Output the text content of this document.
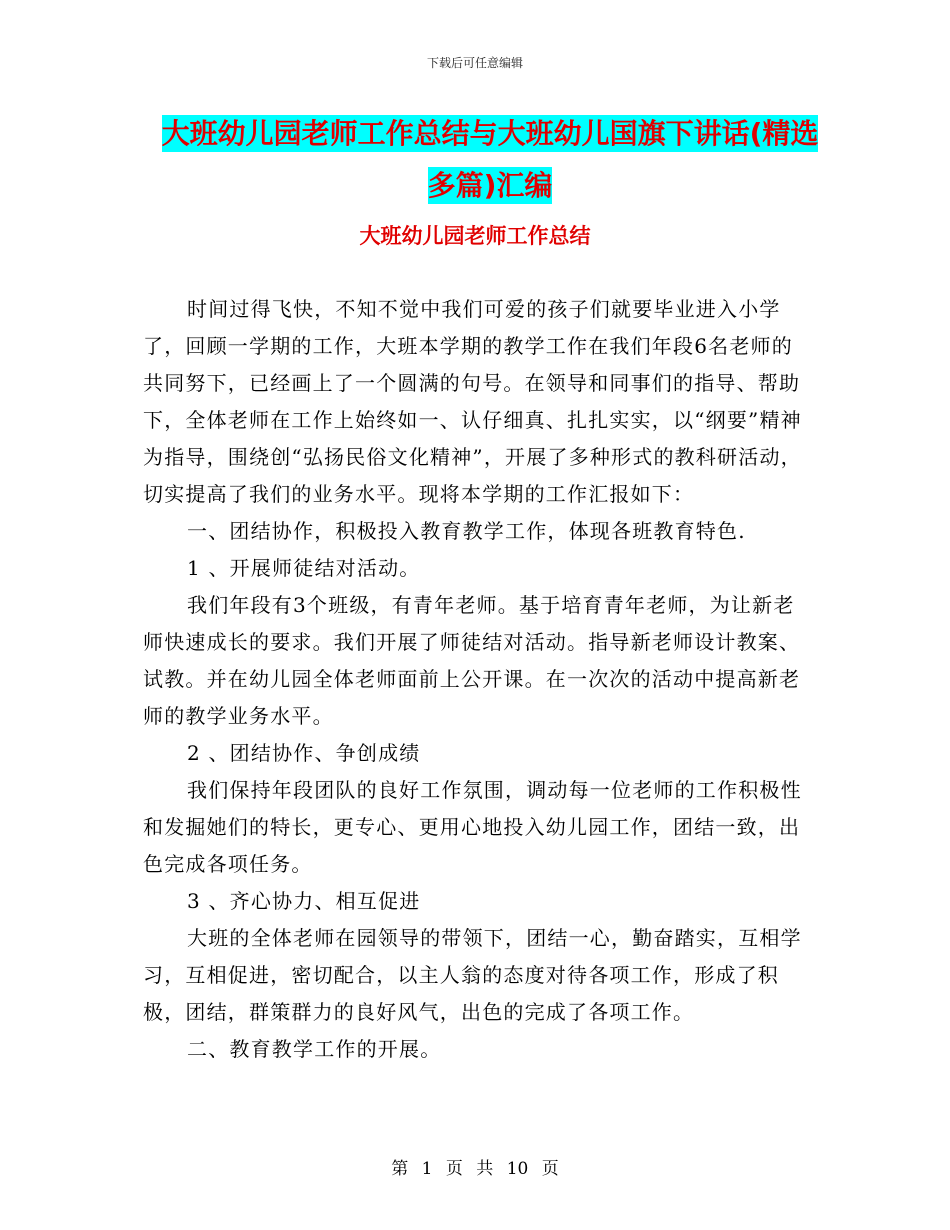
下载后可任意编辑
大班幼儿园老师工作总结与大班幼儿国旗下讲话(精选
多篇)汇编
大班幼儿园老师工作总结

时间过得飞快，不知不觉中我们可爱的孩子们就要毕业进入小学了，回顾一学期的工作，大班本学期的教学工作在我们年段6名老师的共同努下，已经画上了一个圆满的句号。在领导和同事们的指导、帮助下，全体老师在工作上始终如一、认仔细真、扎扎实实，以“纲要”精神为指导，围绕创“弘扬民俗文化精神”，开展了多种形式的教科研活动，切实提高了我们的业务水平。现将本学期的工作汇报如下：

一、团结协作，积极投入教育教学工作，体现各班教育特色.

1 、开展师徒结对活动。

我们年段有3个班级，有青年老师。基于培育青年老师，为让新老师快速成长的要求。我们开展了师徒结对活动。指导新老师设计教案、试教。并在幼儿园全体老师面前上公开课。在一次次的活动中提高新老师的教学业务水平。

2 、团结协作、争创成绩

我们保持年段团队的良好工作氛围，调动每一位老师的工作积极性和发掘她们的特长，更专心、更用心地投入幼儿园工作，团结一致，出色完成各项任务。

3 、齐心协力、相互促进

大班的全体老师在园领导的带领下，团结一心，勤奋踏实，互相学习，互相促进，密切配合，以主人翁的态度对待各项工作，形成了积极，团结，群策群力的良好风气，出色的完成了各项工作。

二、教育教学工作的开展。

第 1 页 共 10 页
